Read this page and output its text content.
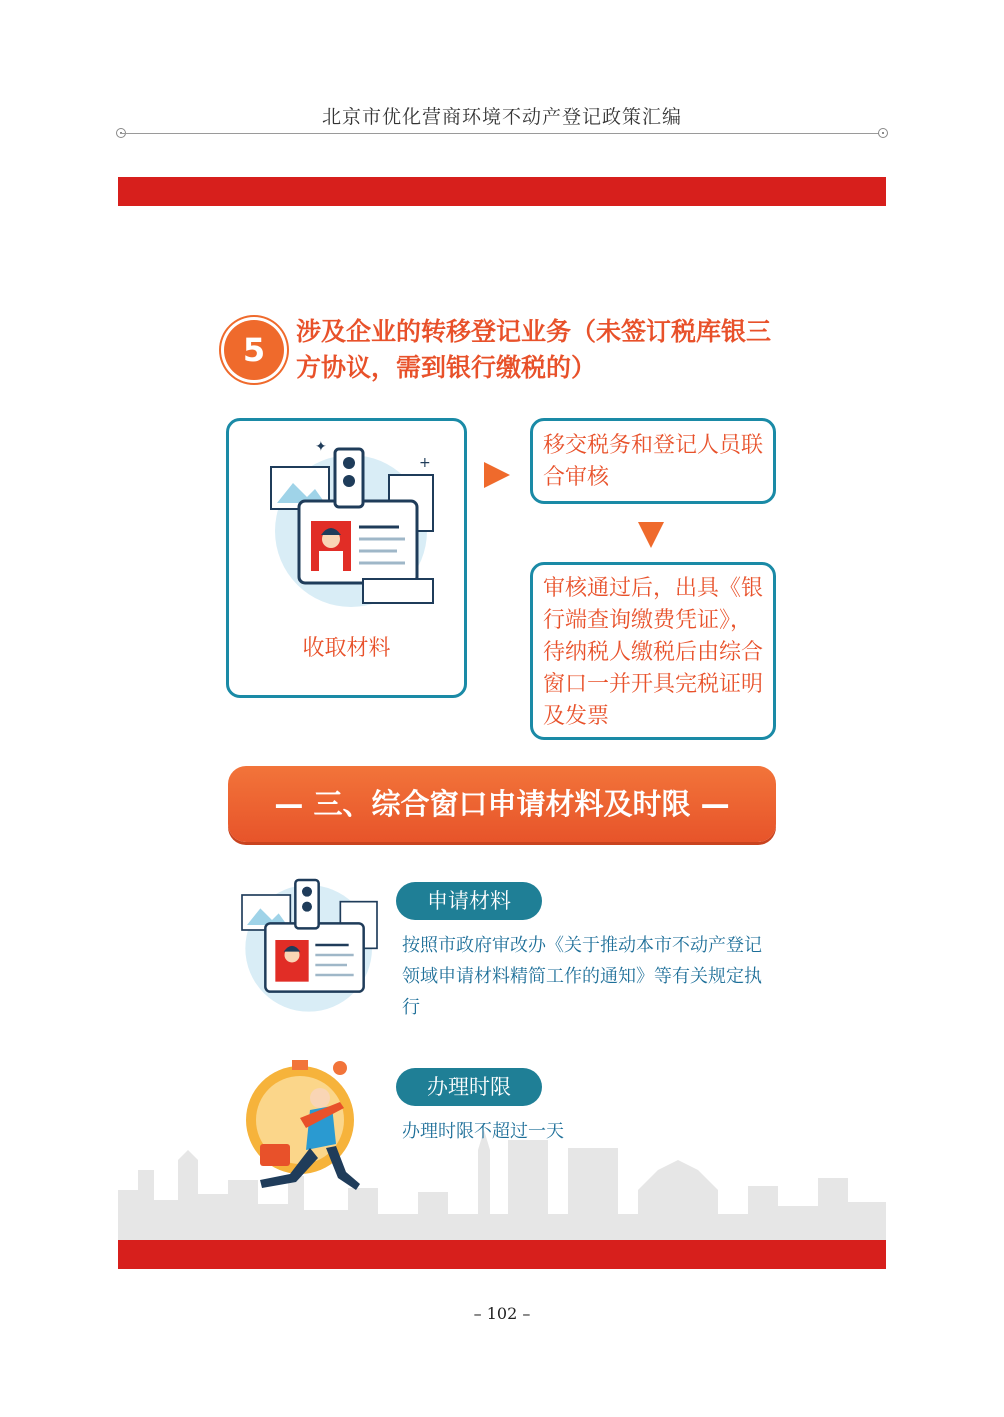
北京市优化营商环境不动产登记政策汇编
5	涉及企业的转移登记业务（未签订税库银三
方协议，需到银行缴税的）
✦
+
收取材料
移交税务和登记人员联合审核
审核通过后，出具《银行端查询缴费凭证》，待纳税人缴税后由综合窗口一并开具完税证明及发票
— 三、综合窗口申请材料及时限 —
申请材料
按照市政府审改办《关于推动本市不动产登记领域申请材料精简工作的通知》等有关规定执行
办理时限
办理时限不超过一天
– 102 –
